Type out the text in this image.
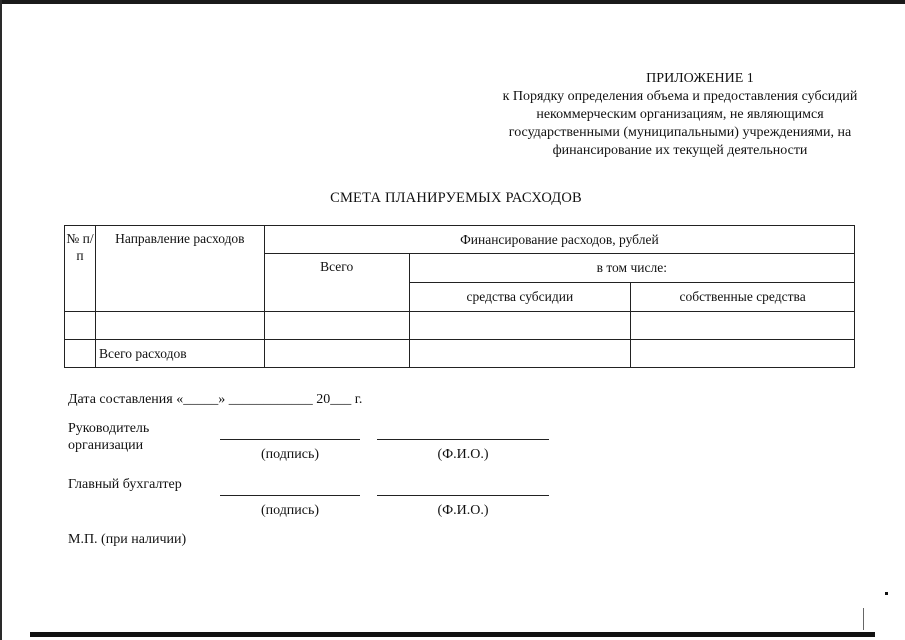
ПРИЛОЖЕНИЕ 1
к Порядку определения объема и предоставления субсидий некоммерческим организациям, не являющимся государственными (муниципальными) учреждениями, на финансирование их текущей деятельности
СМЕТА ПЛАНИРУЕМЫХ РАСХОДОВ
№ п/п	Направление расходов	Финансирование расходов, рублей		
		Всего	в том числе:	
			средства субсидии	собственные средства

	Всего расходов			
Дата составления «_____» ____________ 20___ г.
Руководитель организации
(подпись)	(Ф.И.О.)
Главный бухгалтер
(подпись)	(Ф.И.О.)
М.П. (при наличии)
